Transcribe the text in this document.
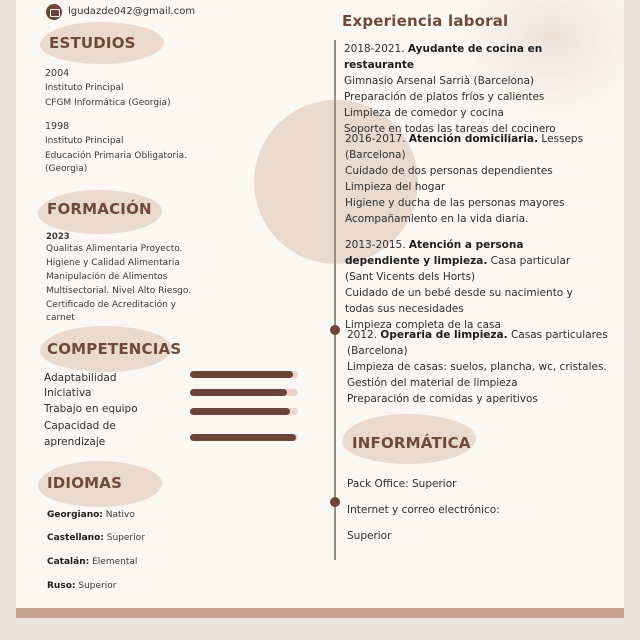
lgudazde042@gmail.com
ESTUDIOS
2004
Instituto Principal
CFGM Informática (Georgia)
1998
Instituto Principal
Educación Primaria Obligatoria.
(Georgia)
FORMACIÓN
2023
Qualitas Alimentaria Proyecto.
Higiene y Calidad Alimentaria
Manipulación de Alimentos
Multisectorial. Nivel Alto Riesgo.
Certificado de Acreditación y
carnet
COMPETENCIAS
Adaptabilidad
Iniciativa
Trabajo en equipo
Capacidad de aprendizaje
IDIOMAS
Georgiano: Nativo
Castellano: Superior
Catalán: Elemental
Ruso: Superior
Experiencia laboral
2018-2021. Ayudante de cocina en restaurante
Gimnasio Arsenal Sarrià (Barcelona)
Preparación de platos fríos y calientes
Limpieza de comedor y cocina
Soporte en todas las tareas del cocinero
2016-2017. Atención domiciliaria. Lesseps (Barcelona)
Cuidado de dos personas dependientes
Limpieza del hogar
Higiene y ducha de las personas mayores
Acompañamiento en la vida diaria.
2013-2015. Atención a persona dependiente y limpieza. Casa particular (Sant Vicents dels Horts)
Cuidado de un bebé desde su nacimiento y todas sus necesidades
Limpieza completa de la casa
2012. Operaria de limpieza. Casas particulares (Barcelona)
Limpieza de casas: suelos, plancha, wc, cristales.
Gestión del material de limpieza
Preparación de comidas y aperitivos
INFORMÁTICA
Pack Office: Superior
Internet y correo electrónico:
Superior
